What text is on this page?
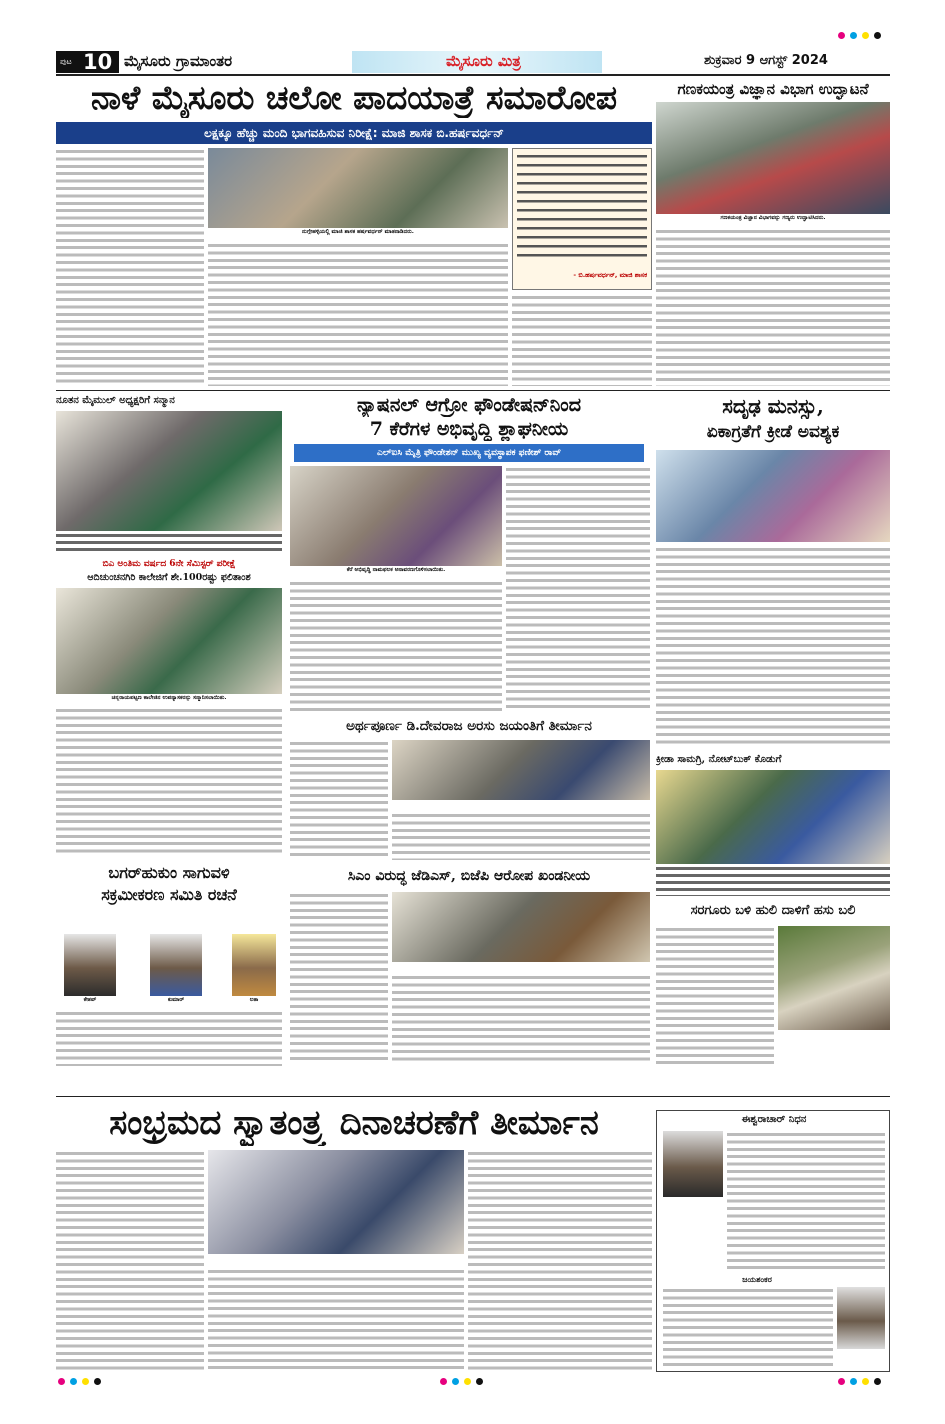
ಪುಟ 10 ಮೈಸೂರು ಗ್ರಾಮಾಂತರ	ಮೈಸೂರು ಮಿತ್ರ	ಶುಕ್ರವಾರ 9 ಆಗಸ್ಟ್ 2024
ನಾಳೆ ಮೈಸೂರು ಚಲೋ ಪಾದಯಾತ್ರೆ ಸಮಾರೋಪ
ಲಕ್ಷಕ್ಕೂ ಹೆಚ್ಚು ಮಂದಿ ಭಾಗವಹಿಸುವ ನಿರೀಕ್ಷೆ: ಮಾಜಿ ಶಾಸಕ ಬಿ.ಹರ್ಷವರ್ಧನ್
ನುಗ್ಗೇಹಳ್ಳಿಯಲ್ಲಿ ಮಾಜಿ ಶಾಸಕ ಹರ್ಷವರ್ಧನ್ ಮಾತನಾಡಿದರು.
- ಬಿ.ಹರ್ಷವರ್ಧನ್, ಮಾಜಿ ಶಾಸಕ
ಗಣಕಯಂತ್ರ ವಿಜ್ಞಾನ ವಿಭಾಗ ಉದ್ಘಾಟನೆ
ಗಣಕಯಂತ್ರ ವಿಜ್ಞಾನ ವಿಭಾಗವನ್ನು ಗಣ್ಯರು ಉದ್ಘಾಟಿಸಿದರು.
ನೂತನ ಮೈಮುಲ್ ಅಧ್ಯಕ್ಷರಿಗೆ ಸನ್ಮಾನ	ನ್ಯಾಷನಲ್ ಆಗ್ರೋ ಫೌಂಡೇಷನ್‌ನಿಂದ
7 ಕೆರೆಗಳ ಅಭಿವೃದ್ಧಿ ಶ್ಲಾಘನೀಯ
ಎಲ್‌ಐಸಿ ಮೈತ್ರಿ ಫೌಂಡೇಶನ್ ಮುಖ್ಯ ವ್ಯವಸ್ಥಾಪಕ ಫಣೀಶ್ ರಾವ್
ಕೆರೆ ಅಭಿವೃದ್ಧಿ ನಾಮಫಲಕ ಅನಾವರಣಗೊಳಿಸಲಾಯಿತು.
ಸದೃಢ ಮನಸ್ಸು,
ಏಕಾಗ್ರತೆಗೆ ಕ್ರೀಡೆ ಅವಶ್ಯಕ
ಬಿಎ ಅಂತಿಮ ವರ್ಷದ 6ನೇ ಸೆಮಿಸ್ಟರ್ ಪರೀಕ್ಷೆ
ಆದಿಚುಂಚನಗಿರಿ ಕಾಲೇಜಿಗೆ ಶೇ.100ರಷ್ಟು ಫಲಿತಾಂಶ
ಚನ್ನರಾಯಪಟ್ಟಣ ಕಾಲೇಜಿನ ಉಪನ್ಯಾಸಕರನ್ನು ಸನ್ಮಾನಿಸಲಾಯಿತು.
ಅರ್ಥಪೂರ್ಣ ಡಿ.ದೇವರಾಜ ಅರಸು ಜಯಂತಿಗೆ ತೀರ್ಮಾನ
ಬಗರ್‌ಹುಕುಂ ಸಾಗುವಳಿ
ಸಕ್ರಮೀಕರಣ ಸಮಿತಿ ರಚನೆ
ಕೇಶವ್	ಕುಮಾರ್	ಲತಾ
ಸಿಎಂ ವಿರುದ್ಧ ಜೆಡಿಎಸ್, ಬಿಜೆಪಿ ಆರೋಪ ಖಂಡನೀಯ
ಕ್ರೀಡಾ ಸಾಮಗ್ರಿ, ನೋಟ್‌ಬುಕ್ ಕೊಡುಗೆ
ಸರಗೂರು ಬಳಿ ಹುಲಿ ದಾಳಿಗೆ ಹಸು ಬಲಿ
ಸಂಭ್ರಮದ ಸ್ವಾತಂತ್ರ್ಯ ದಿನಾಚರಣೆಗೆ ತೀರ್ಮಾನ	ಈಶ್ವರಾಚಾರ್ ನಿಧನ
ಜಯಶಂಕರ
